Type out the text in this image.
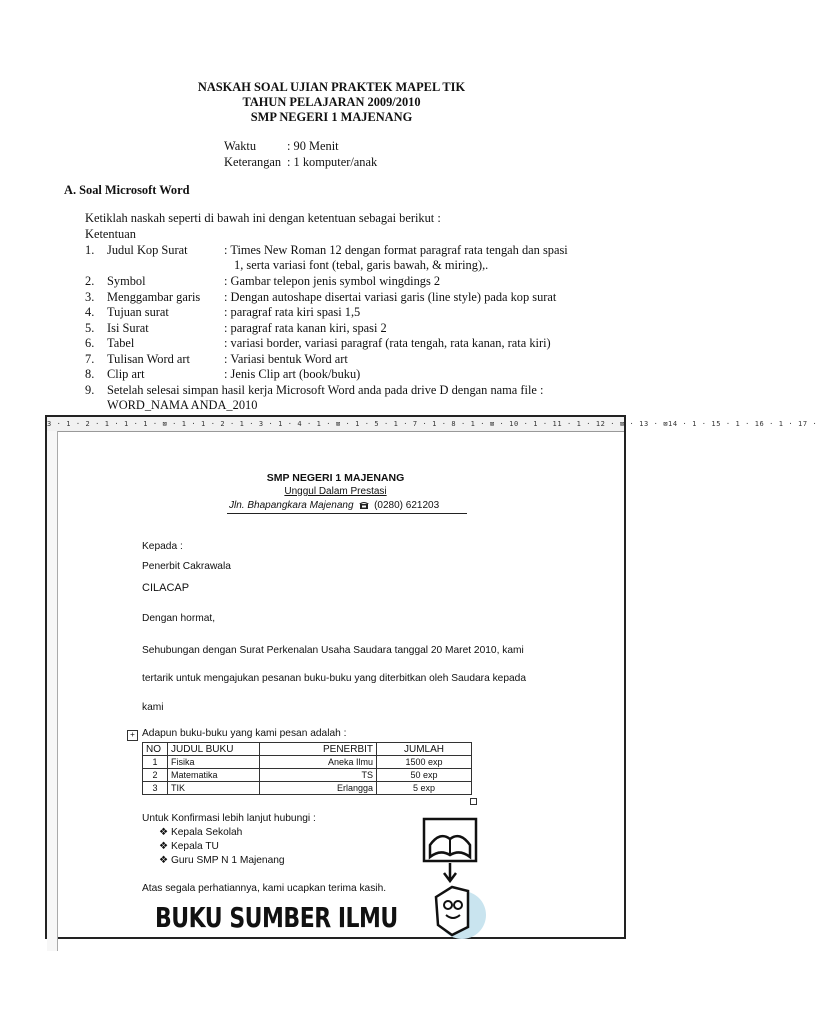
NASKAH SOAL UJIAN PRAKTEK MAPEL TIK
TAHUN PELAJARAN 2009/2010
SMP NEGERI 1 MAJENANG
Waktu : 90 Menit
Keterangan : 1 komputer/anak
A. Soal Microsoft Word
Ketiklah naskah seperti di bawah ini dengan ketentuan sebagai berikut :
Ketentuan
1. Judul Kop Surat	: Times New Roman 12 dengan format paragraf rata tengah dan spasi
1, serta variasi font (tebal, garis bawah, & miring),.
2. Symbol	: Gambar telepon jenis symbol wingdings 2
3. Menggambar garis : Dengan autoshape disertai variasi garis (line style) pada kop surat
4. Tujuan surat	: paragraf rata kiri spasi 1,5
5. Isi Surat	: paragraf rata kanan kiri, spasi 2
6. Tabel	: variasi border, variasi paragraf (rata tengah, rata kanan, rata kiri)
7. Tulisan Word art	: Variasi bentuk Word art
8. Clip art	: Jenis Clip art (book/buku)
9. Setelah selesai simpan hasil kerja Microsoft Word anda pada drive D dengan nama file :
WORD_NAMA ANDA_2010
3 · 1 · 2 · 1 · 1 · 1 · ⊠ · 1 · 1 · 2 · 1 · 3 · 1 · 4 · 1 · ⊠ · 1 · 5 · 1 · 7 · 1 · 8 · 1 · ⊠ · 10 · 1 · 11 · 1 · 12 · ⊠ · 13 · ⊠14 · 1 · 15 · 1 · 16 · 1 · 17 ·
SMP NEGERI 1 MAJENANG
Unggul Dalam Prestasi
Jln. Bhapangkara Majenang (0280) 621203
Kepada :
Penerbit Cakrawala
CILACAP
Dengan hormat,
Sehubungan dengan Surat Perkenalan Usaha Saudara tanggal 20 Maret 2010, kami
tertarik untuk mengajukan pesanan buku-buku yang diterbitkan oleh Saudara kepada
kami
+ Adapun buku-buku yang kami pesan adalah :
NO	JUDUL BUKU	PENERBIT	JUMLAH
1	Fisika	Aneka Ilmu	1500 exp
2	Matematika	TS	50 exp
3	TIK	Erlangga	5 exp
Untuk Konfirmasi lebih lanjut hubungi :
❖ Kepala Sekolah
❖ Kepala TU
❖ Guru SMP N 1 Majenang
Atas segala perhatiannya, kami ucapkan terima kasih.
BUKU SUMBER ILMU
